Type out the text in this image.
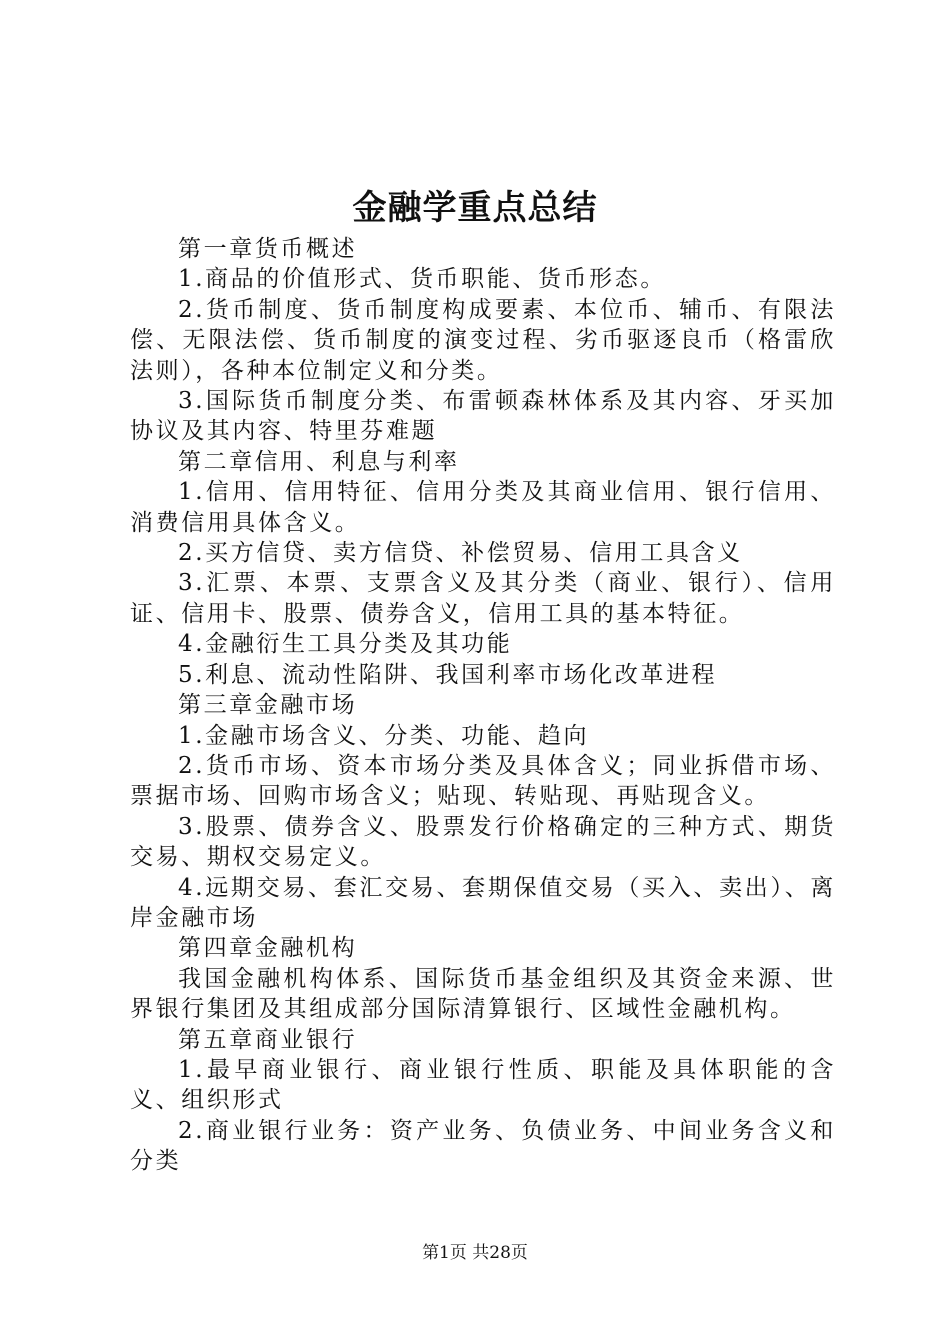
金融学重点总结

第一章货币概述

1.商品的价值形式、货币职能、货币形态。

2.货币制度、货币制度构成要素、本位币、辅币、有限法偿、无限法偿、货币制度的演变过程、劣币驱逐良币（格雷欣法则），各种本位制定义和分类。

3.国际货币制度分类、布雷顿森林体系及其内容、牙买加协议及其内容、特里芬难题

第二章信用、利息与利率

1.信用、信用特征、信用分类及其商业信用、银行信用、消费信用具体含义。

2.买方信贷、卖方信贷、补偿贸易、信用工具含义

3.汇票、本票、支票含义及其分类（商业、银行）、信用证、信用卡、股票、债券含义，信用工具的基本特征。

4.金融衍生工具分类及其功能

5.利息、流动性陷阱、我国利率市场化改革进程

第三章金融市场

1.金融市场含义、分类、功能、趋向

2.货币市场、资本市场分类及具体含义；同业拆借市场、票据市场、回购市场含义；贴现、转贴现、再贴现含义。

3.股票、债券含义、股票发行价格确定的三种方式、期货交易、期权交易定义。

4.远期交易、套汇交易、套期保值交易（买入、卖出）、离岸金融市场

第四章金融机构

我国金融机构体系、国际货币基金组织及其资金来源、世界银行集团及其组成部分国际清算银行、区域性金融机构。

第五章商业银行

1.最早商业银行、商业银行性质、职能及具体职能的含义、组织形式

2.商业银行业务：资产业务、负债业务、中间业务含义和分类

第1页 共28页
